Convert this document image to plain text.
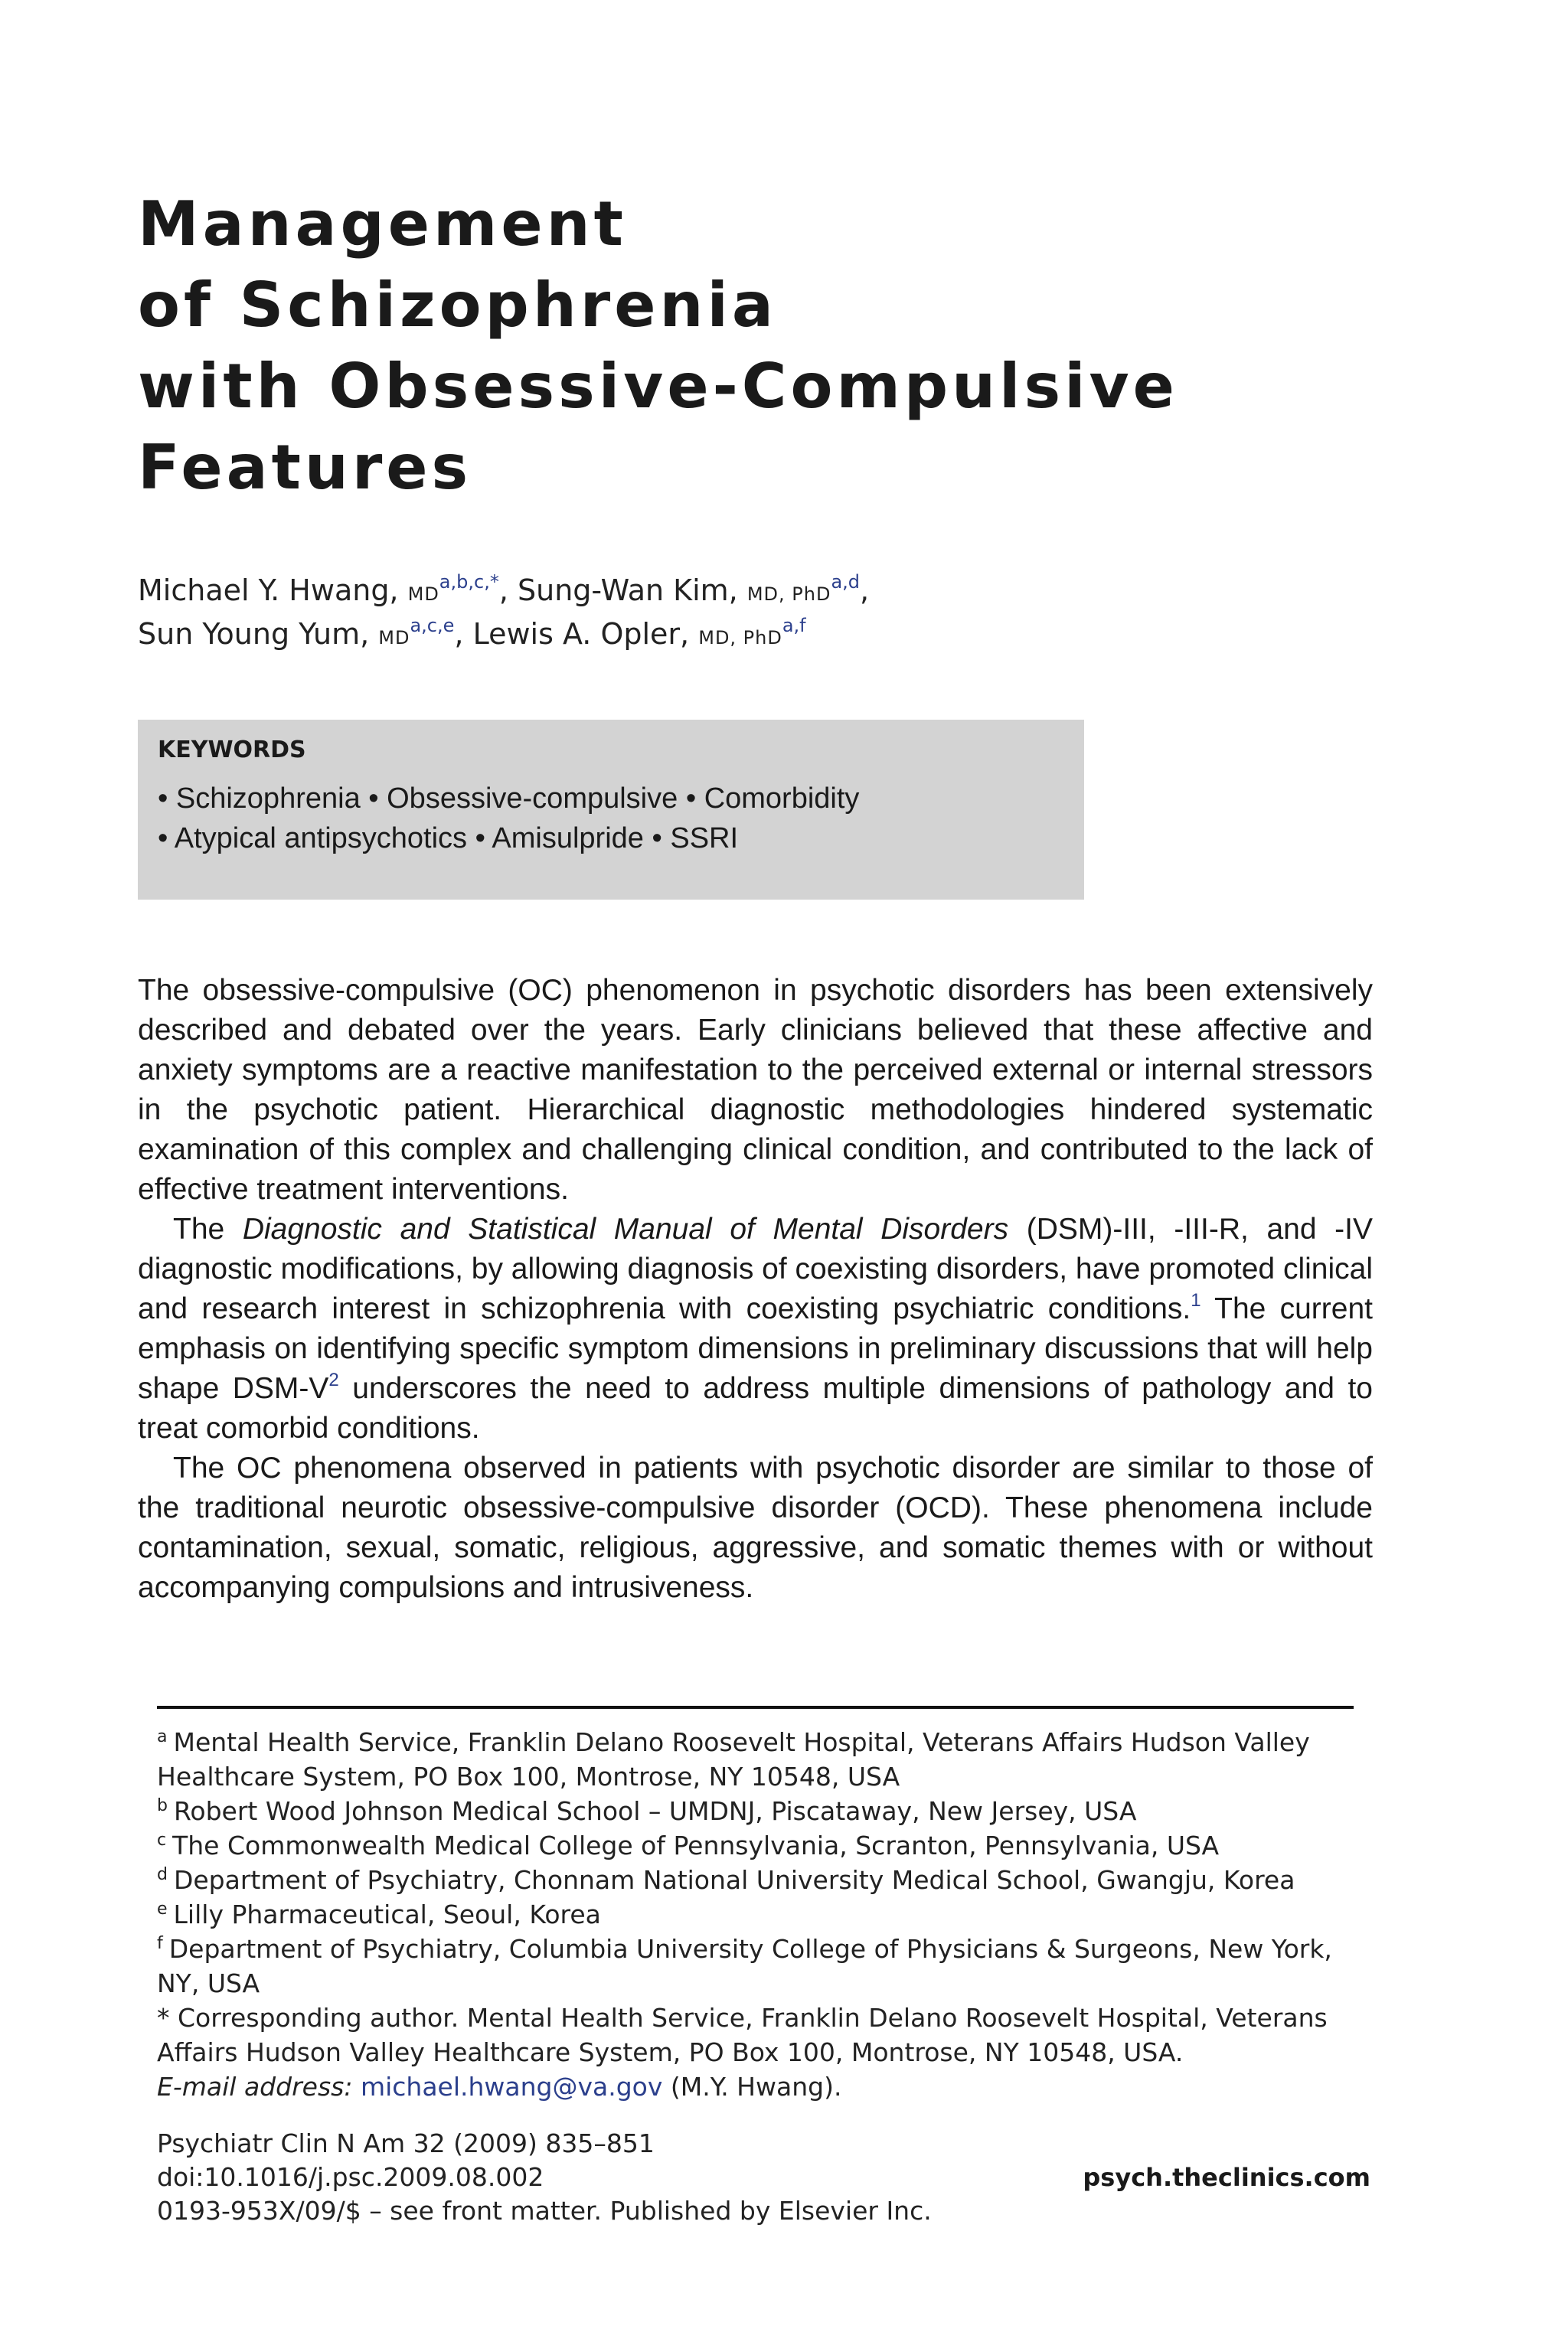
Management
of Schizophrenia
with Obsessive-Compulsive
Features
Michael Y. Hwang, $MD^{a,b,c,*}$, Sung-Wan Kim, MD, PhD$^{a,d}$,
Sun Young Yum, MD$^{a,c,e}$, Lewis A. Opler, MD, PhD$^{a,f}$
KEYWORDS
• Schizophrenia • Obsessive-compulsive • Comorbidity
• Atypical antipsychotics • Amisulpride • SSRI

The obsessive-compulsive (OC) phenomenon in psychotic disorders has been extensively described and debated over the years. Early clinicians believed that these affective and anxiety symptoms are a reactive manifestation to the perceived external or internal stressors in the psychotic patient. Hierarchical diagnostic methodologies hindered systematic examination of this complex and challenging clinical condition, and contributed to the lack of effective treatment interventions.

The Diagnostic and Statistical Manual of Mental Disorders (DSM)-III, -III-R, and -IV diagnostic modifications, by allowing diagnosis of coexisting disorders, have promoted clinical and research interest in schizophrenia with coexisting psychiatric conditions.$^1$ The current emphasis on identifying specific symptom dimensions in preliminary discussions that will help shape DSM-$V^2$ underscores the need to address multiple dimensions of pathology and to treat comorbid conditions.

The OC phenomena observed in patients with psychotic disorder are similar to those of the traditional neurotic obsessive-compulsive disorder (OCD). These phenomena include contamination, sexual, somatic, religious, aggressive, and somatic themes with or without accompanying compulsions and intrusiveness.

$^a$ Mental Health Service, Franklin Delano Roosevelt Hospital, Veterans Affairs Hudson Valley Healthcare System, PO Box 100, Montrose, NY 10548, USA

$^b$ Robert Wood Johnson Medical School – UMDNJ, Piscataway, New Jersey, USA

$^c$ The Commonwealth Medical College of Pennsylvania, Scranton, Pennsylvania, USA

$^d$ Department of Psychiatry, Chonnam National University Medical School, Gwangju, Korea

$^e$ Lilly Pharmaceutical, Seoul, Korea

$^f$ Department of Psychiatry, Columbia University College of Physicians & Surgeons, New York, NY, USA

* Corresponding author. Mental Health Service, Franklin Delano Roosevelt Hospital, Veterans Affairs Hudson Valley Healthcare System, PO Box 100, Montrose, NY 10548, USA.

E-mail address: michael.hwang@va.gov (M.Y. Hwang).

Psychiatr Clin N Am 32 (2009) 835–851
doi:10.1016/j.psc.2009.08.002
0193-953X/09/$ – see front matter. Published by Elsevier Inc.
psych.theclinics.com
